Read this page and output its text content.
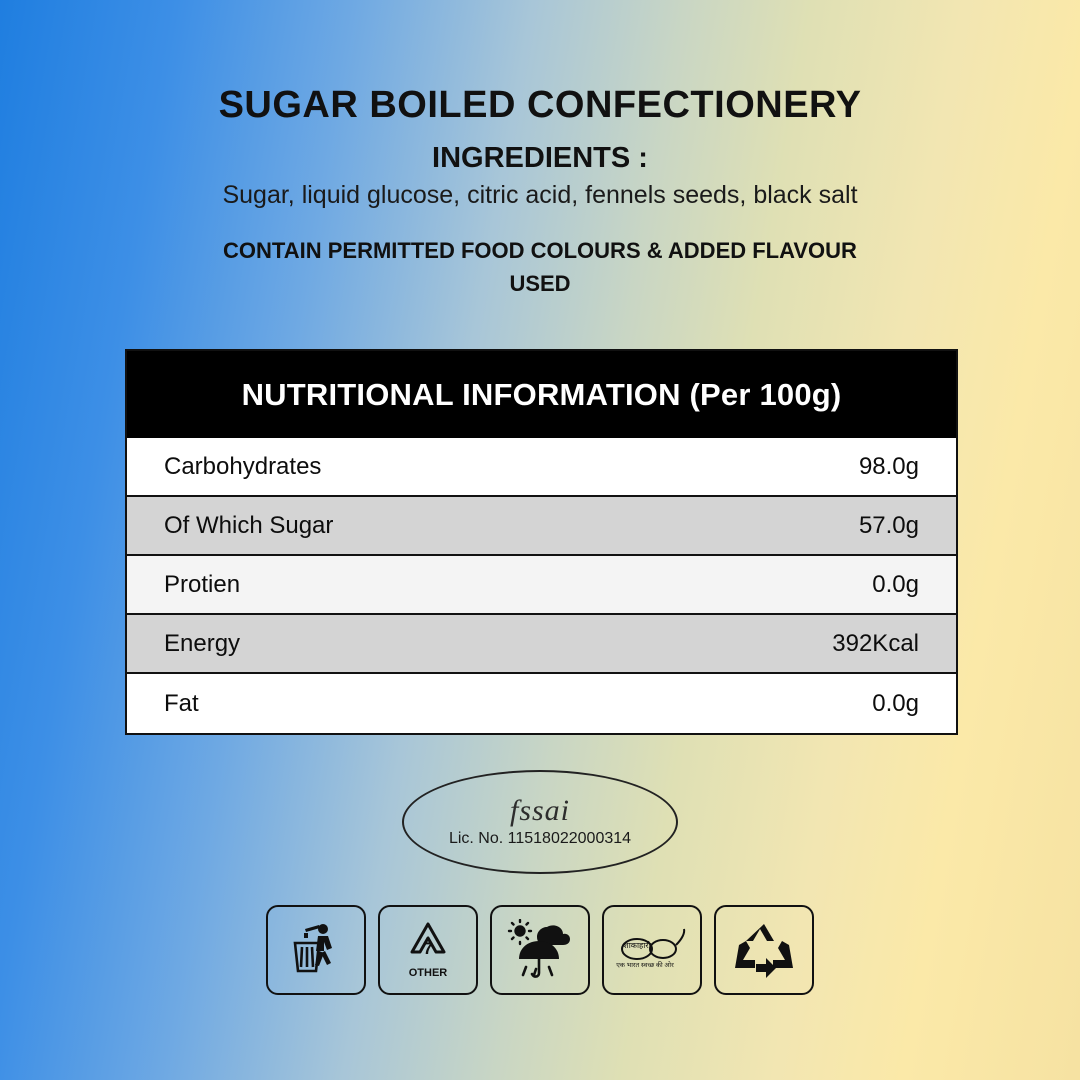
SUGAR BOILED CONFECTIONERY
INGREDIENTS :
Sugar, liquid glucose, citric acid, fennels seeds, black salt
CONTAIN PERMITTED FOOD COLOURS & ADDED FLAVOUR USED
NUTRITIONAL INFORMATION (Per 100g)
Carbohydrates	98.0g
Of Which Sugar	57.0g
Protien	0.0g
Energy	392Kcal
Fat	0.0g
fssai
Lic. No. 11518022000314
7
OTHER
शाकाहारी
एक भारत स्वच्छ की ओर
